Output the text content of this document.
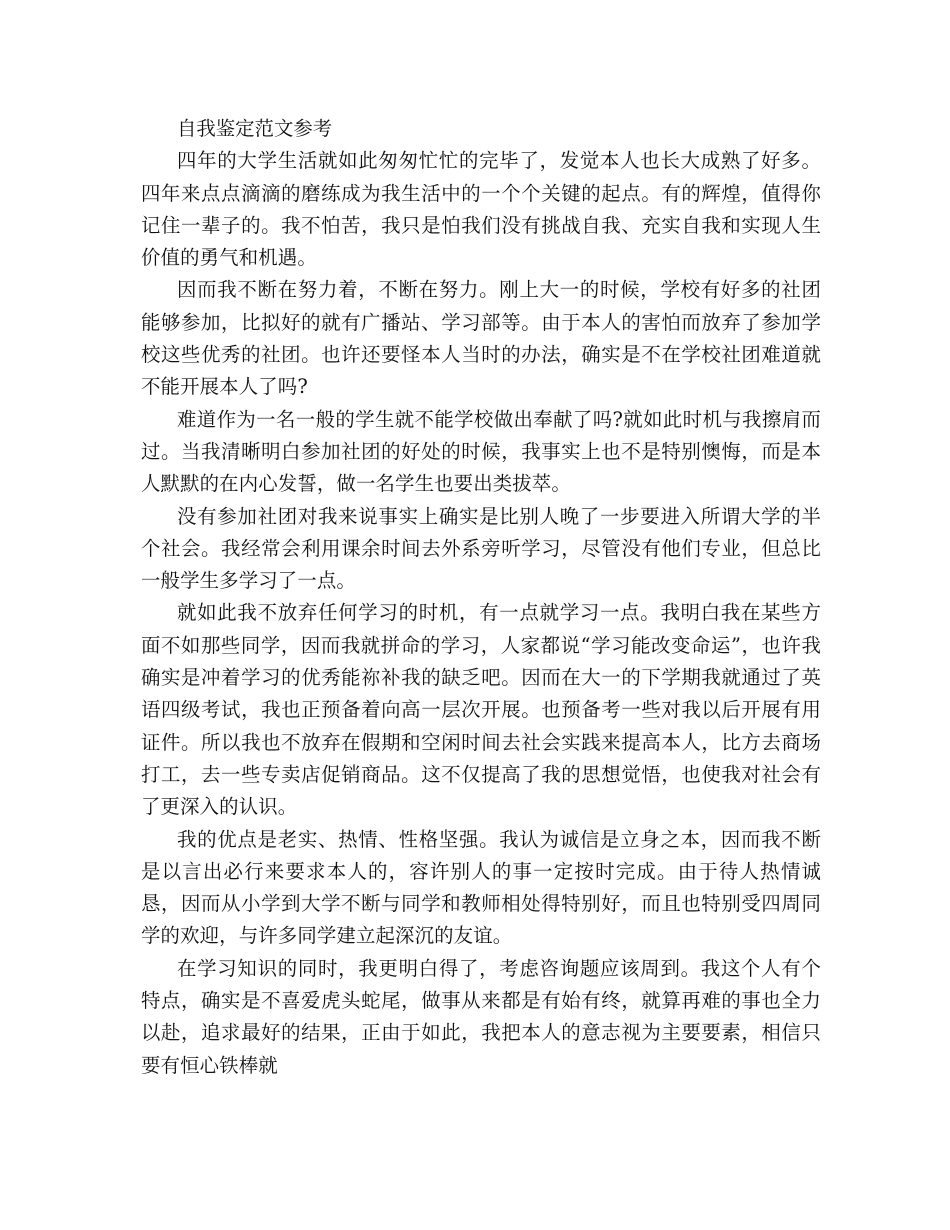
自我鉴定范文参考

四年的大学生活就如此匆匆忙忙的完毕了，发觉本人也长大成熟了好多。四年来点点滴滴的磨练成为我生活中的一个个关键的起点。有的辉煌，值得你记住一辈子的。我不怕苦，我只是怕我们没有挑战自我、充实自我和实现人生价值的勇气和机遇。

因而我不断在努力着，不断在努力。刚上大一的时候，学校有好多的社团能够参加，比拟好的就有广播站、学习部等。由于本人的害怕而放弃了参加学校这些优秀的社团。也许还要怪本人当时的办法，确实是不在学校社团难道就不能开展本人了吗?

难道作为一名一般的学生就不能学校做出奉献了吗?就如此时机与我擦肩而过。当我清晰明白参加社团的好处的时候，我事实上也不是特别懊悔，而是本人默默的在内心发誓，做一名学生也要出类拔萃。

没有参加社团对我来说事实上确实是比别人晚了一步要进入所谓大学的半个社会。我经常会利用课余时间去外系旁听学习，尽管没有他们专业，但总比一般学生多学习了一点。

就如此我不放弃任何学习的时机，有一点就学习一点。我明白我在某些方面不如那些同学，因而我就拼命的学习，人家都说“学习能改变命运”，也许我确实是冲着学习的优秀能祢补我的缺乏吧。因而在大一的下学期我就通过了英语四级考试，我也正预备着向高一层次开展。也预备考一些对我以后开展有用证件。所以我也不放弃在假期和空闲时间去社会实践来提高本人，比方去商场打工，去一些专卖店促销商品。这不仅提高了我的思想觉悟，也使我对社会有了更深入的认识。

我的优点是老实、热情、性格坚强。我认为诚信是立身之本，因而我不断是以言出必行来要求本人的，容许别人的事一定按时完成。由于待人热情诚恳，因而从小学到大学不断与同学和教师相处得特别好，而且也特别受四周同学的欢迎，与许多同学建立起深沉的友谊。

在学习知识的同时，我更明白得了，考虑咨询题应该周到。我这个人有个特点，确实是不喜爱虎头蛇尾，做事从来都是有始有终，就算再难的事也全力以赴，追求最好的结果，正由于如此，我把本人的意志视为主要要素，相信只要有恒心铁棒就
